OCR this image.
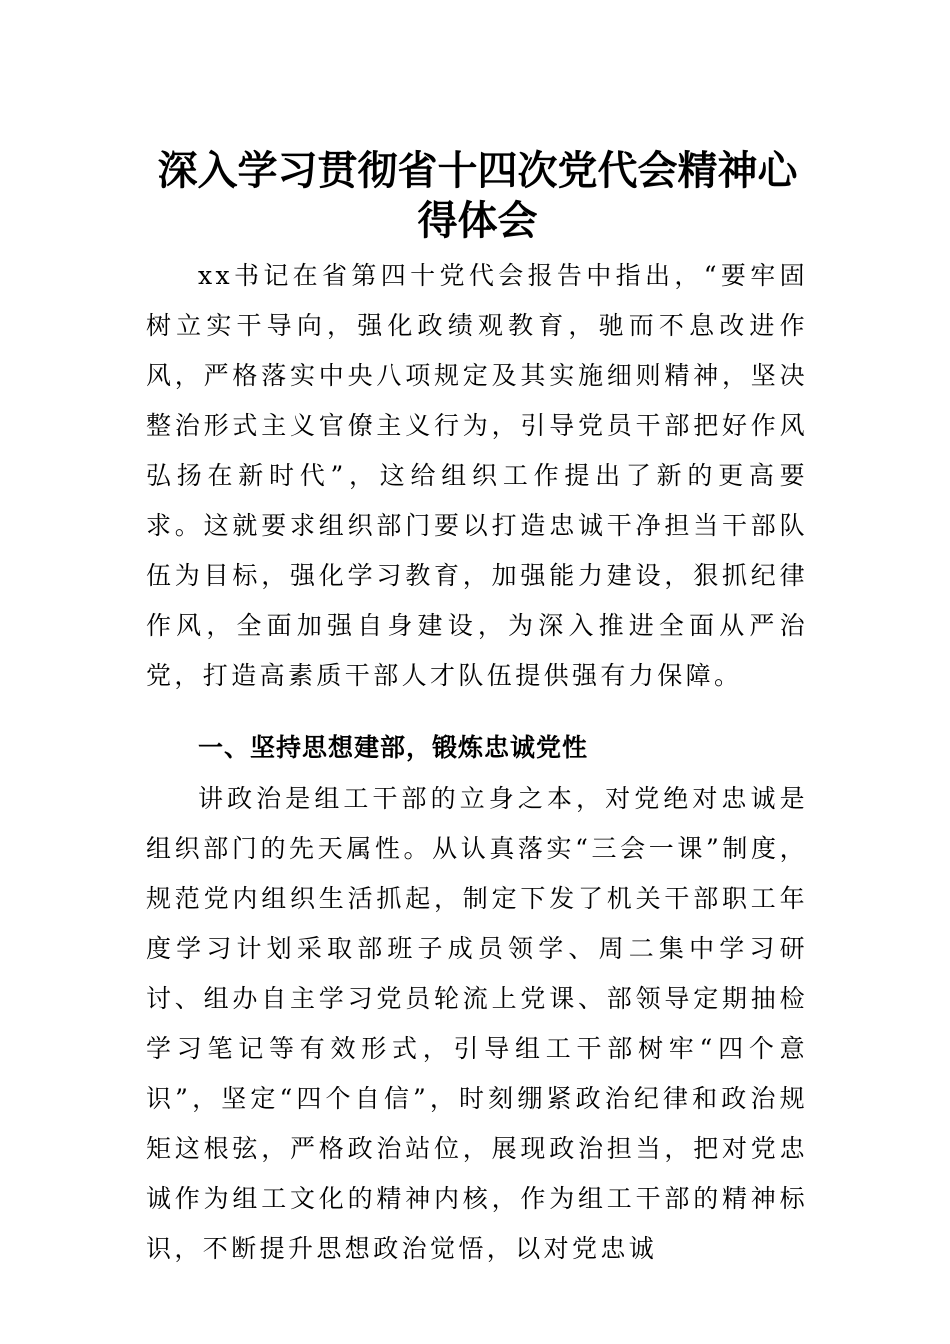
深入学习贯彻省十四次党代会精神心得体会

xx书记在省第四十党代会报告中指出，“要牢固树立实干导向，强化政绩观教育，驰而不息改进作风，严格落实中央八项规定及其实施细则精神，坚决整治形式主义官僚主义行为，引导党员干部把好作风弘扬在新时代”，这给组织工作提出了新的更高要求。这就要求组织部门要以打造忠诚干净担当干部队伍为目标，强化学习教育，加强能力建设，狠抓纪律作风，全面加强自身建设，为深入推进全面从严治党，打造高素质干部人才队伍提供强有力保障。

一、坚持思想建部，锻炼忠诚党性

讲政治是组工干部的立身之本，对党绝对忠诚是组织部门的先天属性。从认真落实“三会一课”制度，规范党内组织生活抓起，制定下发了机关干部职工年度学习计划采取部班子成员领学、周二集中学习研讨、组办自主学习党员轮流上党课、部领导定期抽检学习笔记等有效形式，引导组工干部树牢“四个意识”，坚定“四个自信”，时刻绷紧政治纪律和政治规矩这根弦，严格政治站位，展现政治担当，把对党忠诚作为组工文化的精神内核，作为组工干部的精神标识，不断提升思想政治觉悟，以对党忠诚
